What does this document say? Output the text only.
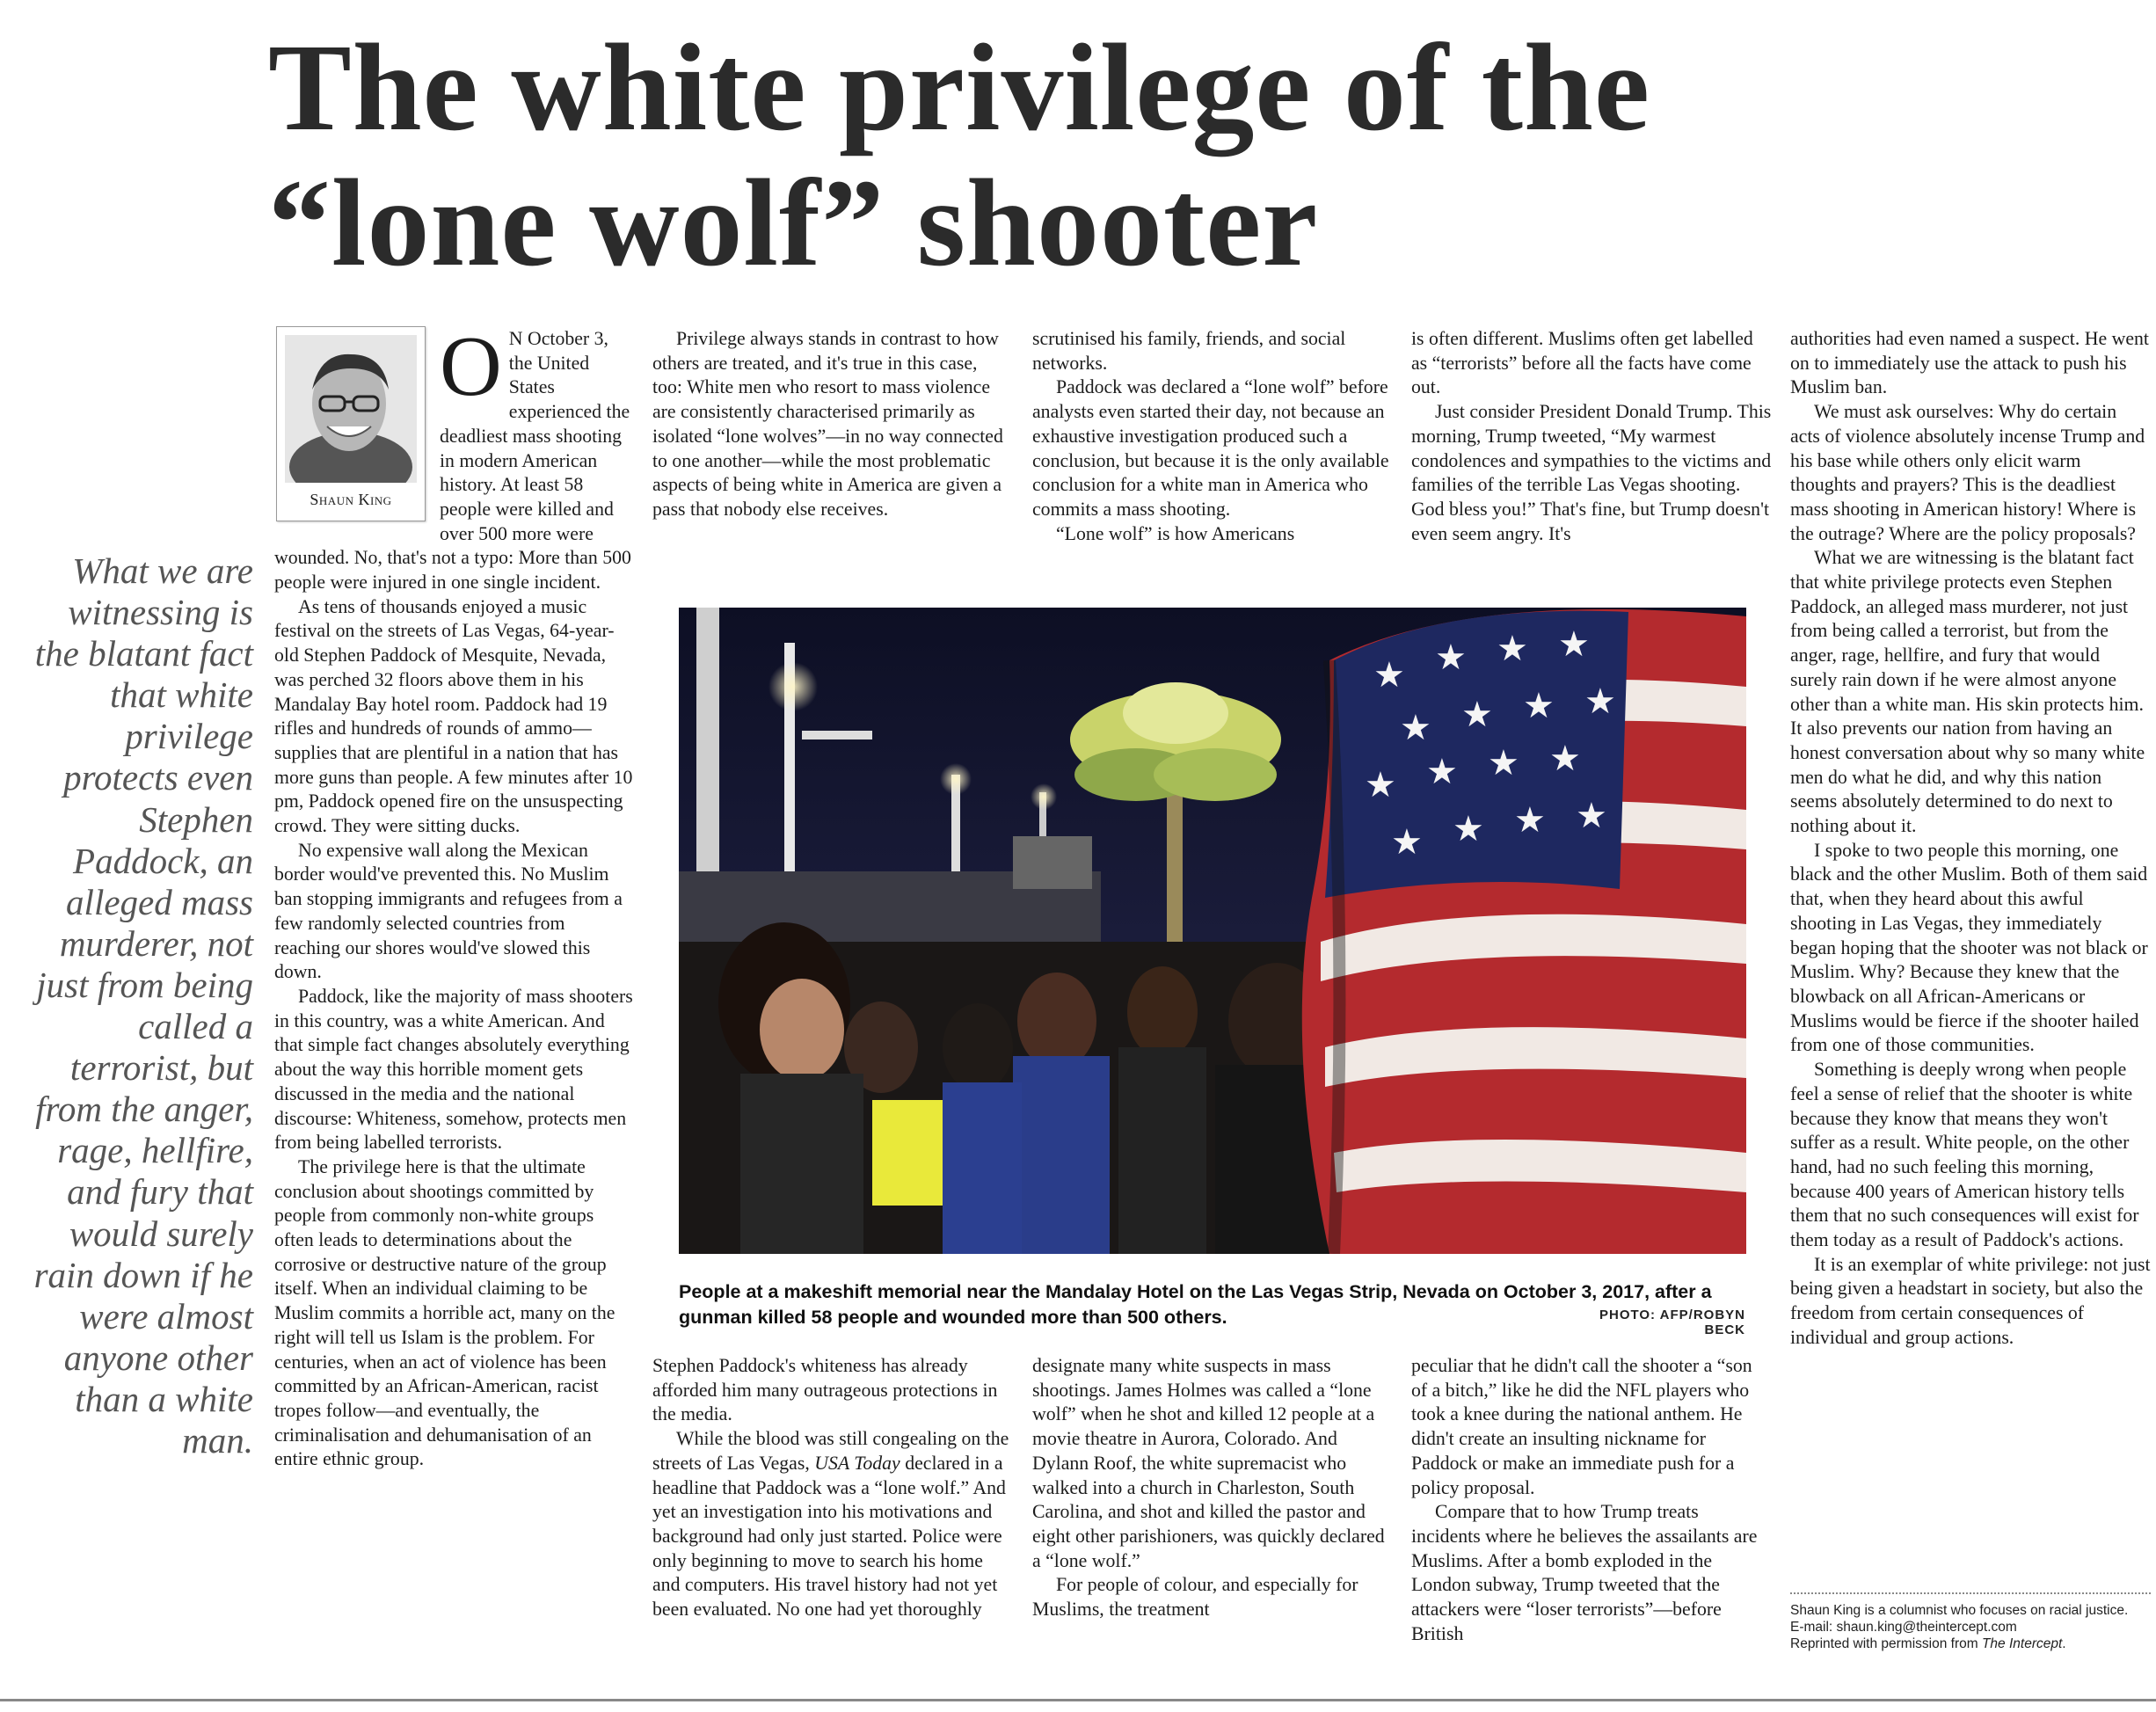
The white privilege of the
“lone wolf” shooter
Shaun King
What we are
witnessing is
the blatant fact
that white
privilege
protects even
Stephen
Paddock, an
alleged mass
murderer, not
just from being
called a
terrorist, but
from the anger,
rage, hellfire,
and fury that
would surely
rain down if he
were almost
anyone other
than a white
man.

O N October 3, the United States experienced the deadliest mass shooting in modern American history. At least 58 people were killed and over 500 more were wounded. No, that's not a typo: More than 500 people were injured in one single incident.

As tens of thousands enjoyed a music festival on the streets of Las Vegas, 64-year-old Stephen Paddock of Mesquite, Nevada, was perched 32 floors above them in his Mandalay Bay hotel room. Paddock had 19 rifles and hundreds of rounds of ammo—supplies that are plentiful in a nation that has more guns than people. A few minutes after 10 pm, Paddock opened fire on the unsuspecting crowd. They were sitting ducks.

No expensive wall along the Mexican border would've prevented this. No Muslim ban stopping immigrants and refugees from a few randomly selected countries from reaching our shores would've slowed this down.

Paddock, like the majority of mass shooters in this country, was a white American. And that simple fact changes absolutely everything about the way this horrible moment gets discussed in the media and the national discourse: Whiteness, somehow, protects men from being labelled terrorists.

The privilege here is that the ultimate conclusion about shootings committed by people from commonly non-white groups often leads to determinations about the corrosive or destructive nature of the group itself. When an individual claiming to be Muslim commits a horrible act, many on the right will tell us Islam is the problem. For centuries, when an act of violence has been committed by an African-American, racist tropes follow—and eventually, the criminalisation and dehumanisation of an entire ethnic group.

Privilege always stands in contrast to how others are treated, and it's true in this case, too: White men who resort to mass violence are consistently characterised primarily as isolated “lone wolves”—in no way connected to one another—while the most problematic aspects of being white in America are given a pass that nobody else receives.

scrutinised his family, friends, and social networks.

Paddock was declared a “lone wolf” before analysts even started their day, not because an exhaustive investigation produced such a conclusion, but because it is the only available conclusion for a white man in America who commits a mass shooting.

“Lone wolf” is how Americans

is often different. Muslims often get labelled as “terrorists” before all the facts have come out.

Just consider President Donald Trump. This morning, Trump tweeted, “My warmest condolences and sympathies to the victims and families of the terrible Las Vegas shooting. God bless you!” That's fine, but Trump doesn't even seem angry. It's

authorities had even named a suspect. He went on to immediately use the attack to push his Muslim ban.

We must ask ourselves: Why do certain acts of violence absolutely incense Trump and his base while others only elicit warm thoughts and prayers? This is the deadliest mass shooting in American history! Where is the outrage? Where are the policy proposals?

What we are witnessing is the blatant fact that white privilege protects even Stephen Paddock, an alleged mass murderer, not just from being called a terrorist, but from the anger, rage, hellfire, and fury that would surely rain down if he were almost anyone other than a white man. His skin protects him. It also prevents our nation from having an honest conversation about why so many white men do what he did, and why this nation seems absolutely determined to do next to nothing about it.

I spoke to two people this morning, one black and the other Muslim. Both of them said that, when they heard about this awful shooting in Las Vegas, they immediately began hoping that the shooter was not black or Muslim. Why? Because they knew that the blowback on all African-Americans or Muslims would be fierce if the shooter hailed from one of those communities.

Something is deeply wrong when people feel a sense of relief that the shooter is white because they know that means they won't suffer as a result. White people, on the other hand, had no such feeling this morning, because 400 years of American history tells them that no such consequences will exist for them today as a result of Paddock's actions.

It is an exemplar of white privilege: not just being given a headstart in society, but also the freedom from certain consequences of individual and group actions.

Shaun King is a columnist who focuses on racial justice.
E-mail: shaun.king@theintercept.com
Reprinted with permission from The Intercept.
★ ★ ★ ★
★ ★ ★ ★
★ ★ ★ ★
★ ★ ★ ★
People at a makeshift memorial near the Mandalay Hotel on the Las Vegas Strip, Nevada on October 3, 2017, after a gunman killed 58 people and wounded more than 500 others.	PHOTO: AFP/ROBYN BECK

Stephen Paddock's whiteness has already afforded him many outrageous protections in the media.

While the blood was still congealing on the streets of Las Vegas, USA Today declared in a headline that Paddock was a “lone wolf.” And yet an investigation into his motivations and background had only just started. Police were only beginning to move to search his home and computers. His travel history had not yet been evaluated. No one had yet thoroughly

designate many white suspects in mass shootings. James Holmes was called a “lone wolf” when he shot and killed 12 people at a movie theatre in Aurora, Colorado. And Dylann Roof, the white supremacist who walked into a church in Charleston, South Carolina, and shot and killed the pastor and eight other parishioners, was quickly declared a “lone wolf.”

For people of colour, and especially for Muslims, the treatment

peculiar that he didn't call the shooter a “son of a bitch,” like he did the NFL players who took a knee during the national anthem. He didn't create an insulting nickname for Paddock or make an immediate push for a policy proposal.

Compare that to how Trump treats incidents where he believes the assailants are Muslims. After a bomb exploded in the London subway, Trump tweeted that the attackers were “loser terrorists”—before British
